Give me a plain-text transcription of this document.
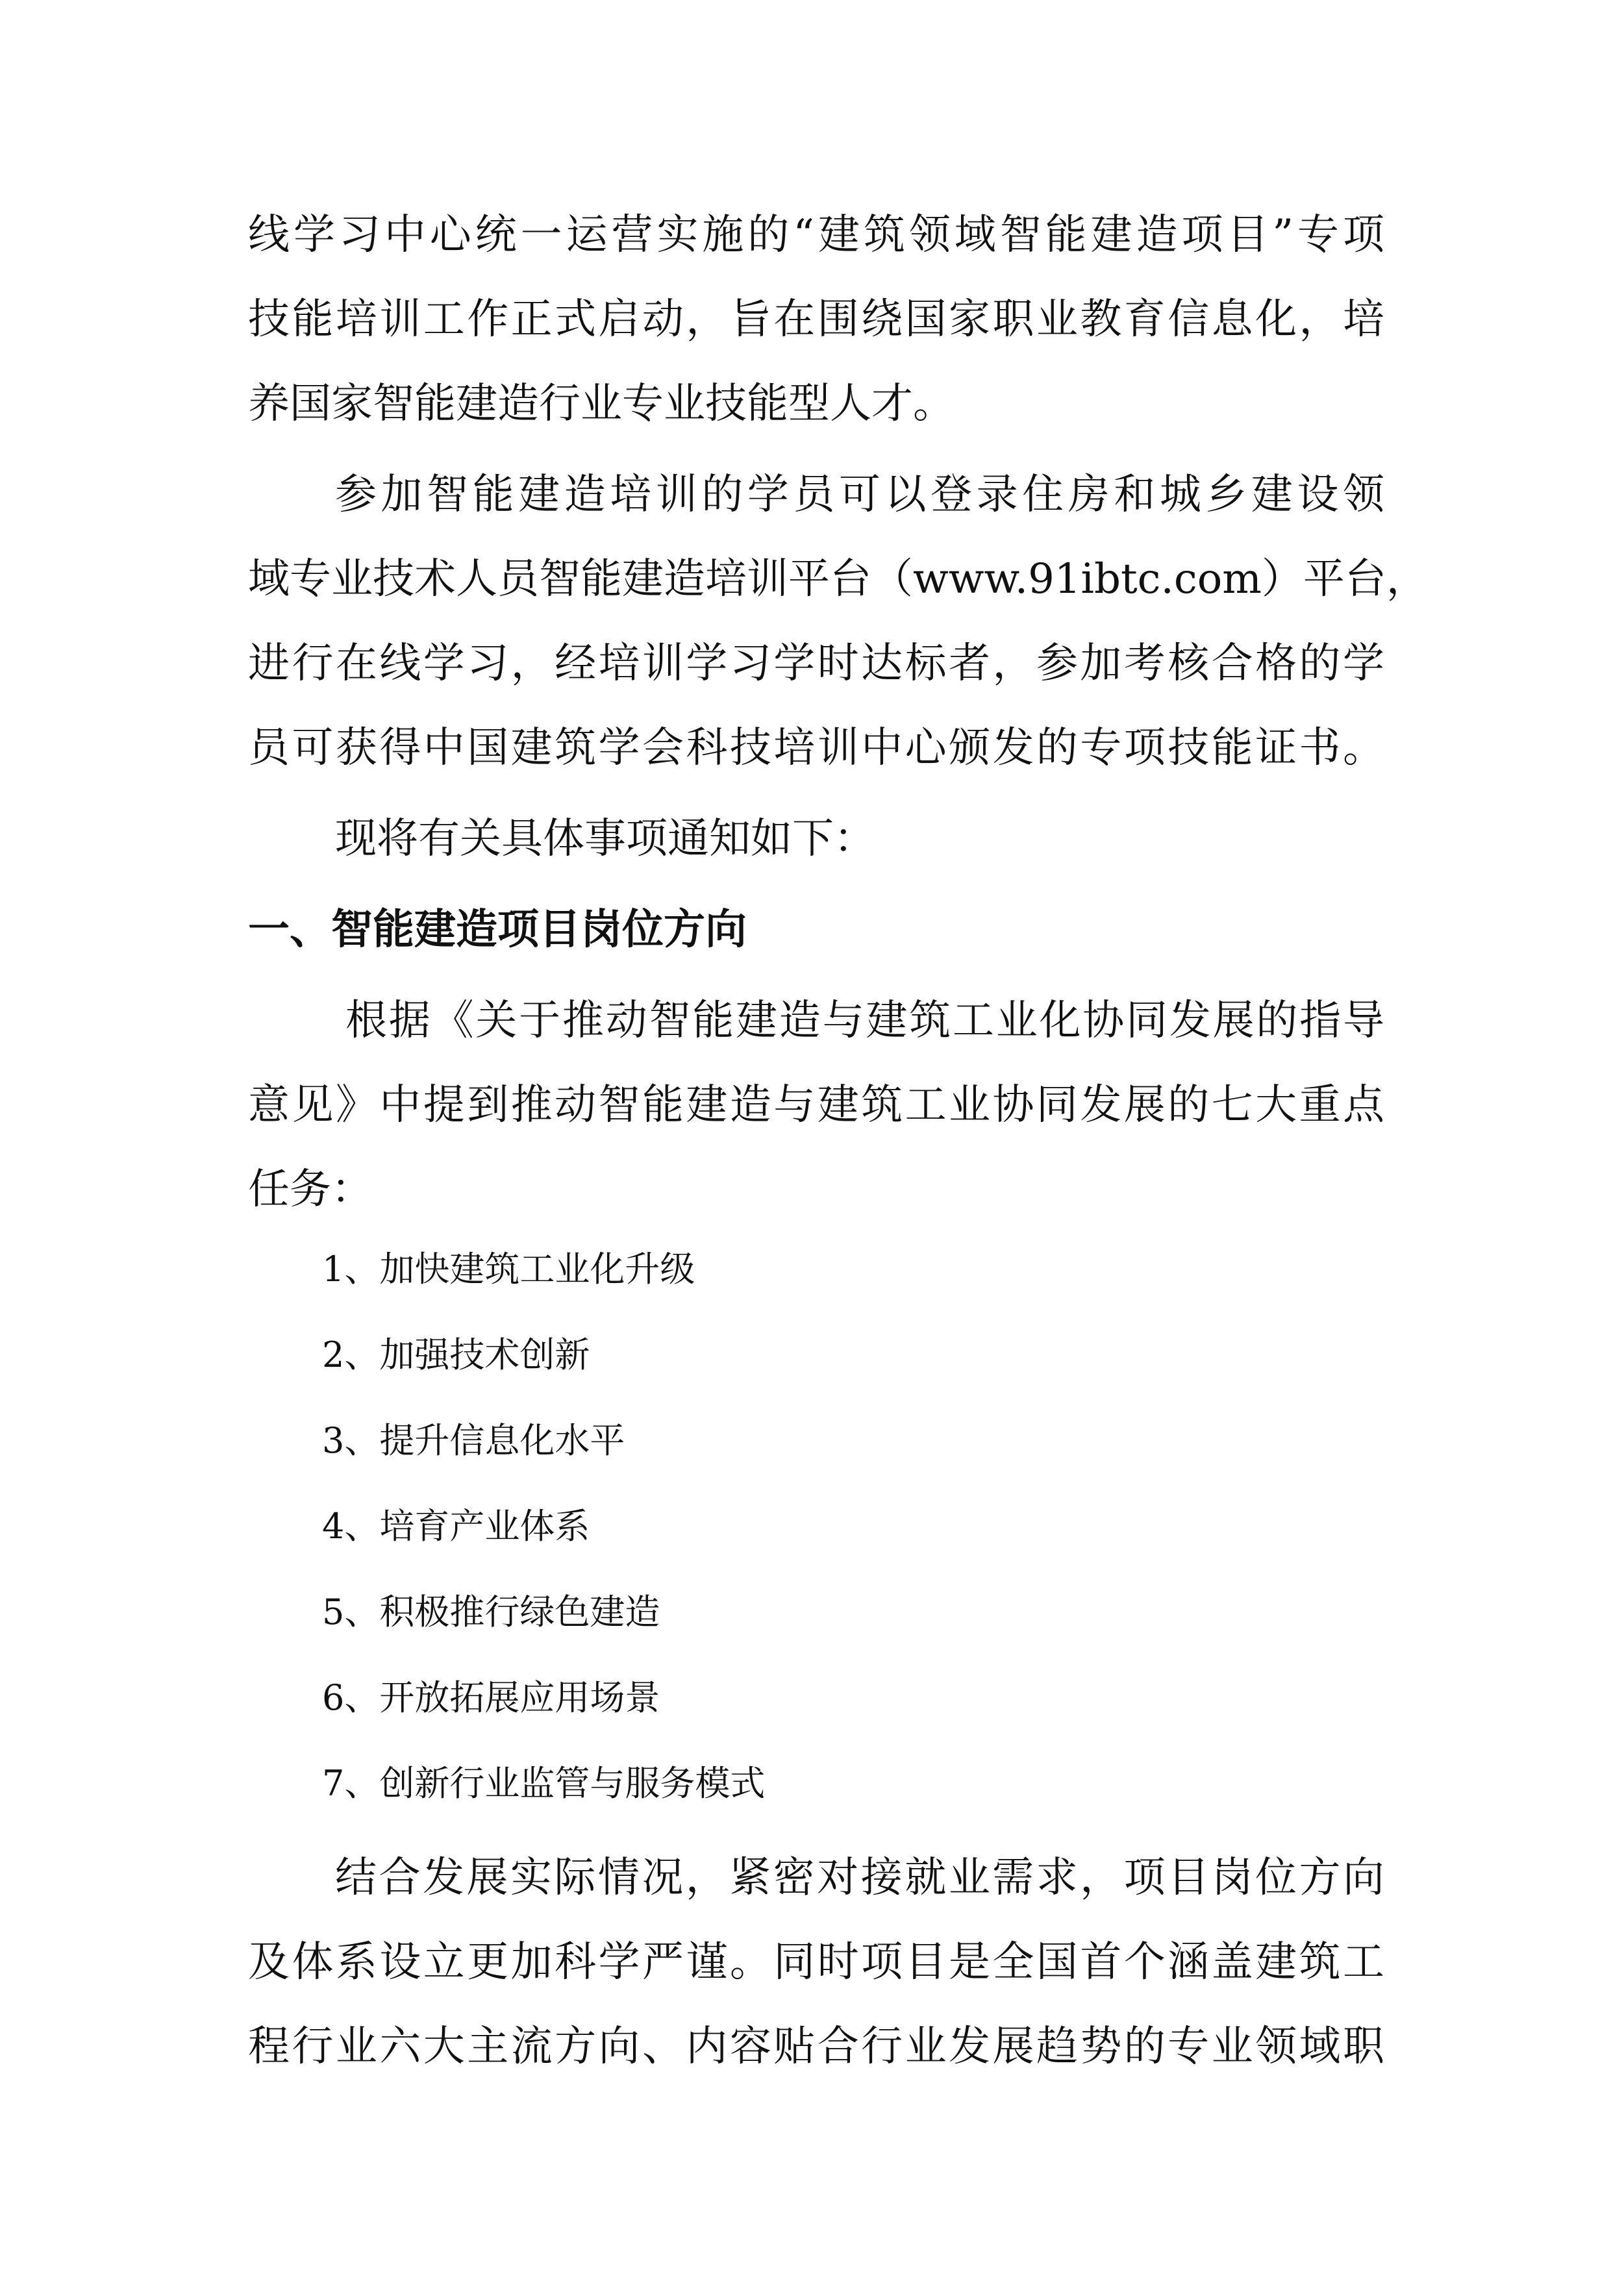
线学习中心统一运营实施的“建筑领域智能建造项目”专项

技能培训工作正式启动，旨在围绕国家职业教育信息化，培

养国家智能建造行业专业技能型人才。

参加智能建造培训的学员可以登录住房和城乡建设领

域专业技术人员智能建造培训平台（www.91ibtc.com）平台，

进行在线学习，经培训学习学时达标者，参加考核合格的学

员可获得中国建筑学会科技培训中心颁发的专项技能证书。

现将有关具体事项通知如下：

一、智能建造项目岗位方向

根据《关于推动智能建造与建筑工业化协同发展的指导

意见》中提到推动智能建造与建筑工业协同发展的七大重点

任务：

1、加快建筑工业化升级

2、加强技术创新

3、提升信息化水平

4、培育产业体系

5、积极推行绿色建造

6、开放拓展应用场景

7、创新行业监管与服务模式

结合发展实际情况，紧密对接就业需求，项目岗位方向

及体系设立更加科学严谨。同时项目是全国首个涵盖建筑工

程行业六大主流方向、内容贴合行业发展趋势的专业领域职
